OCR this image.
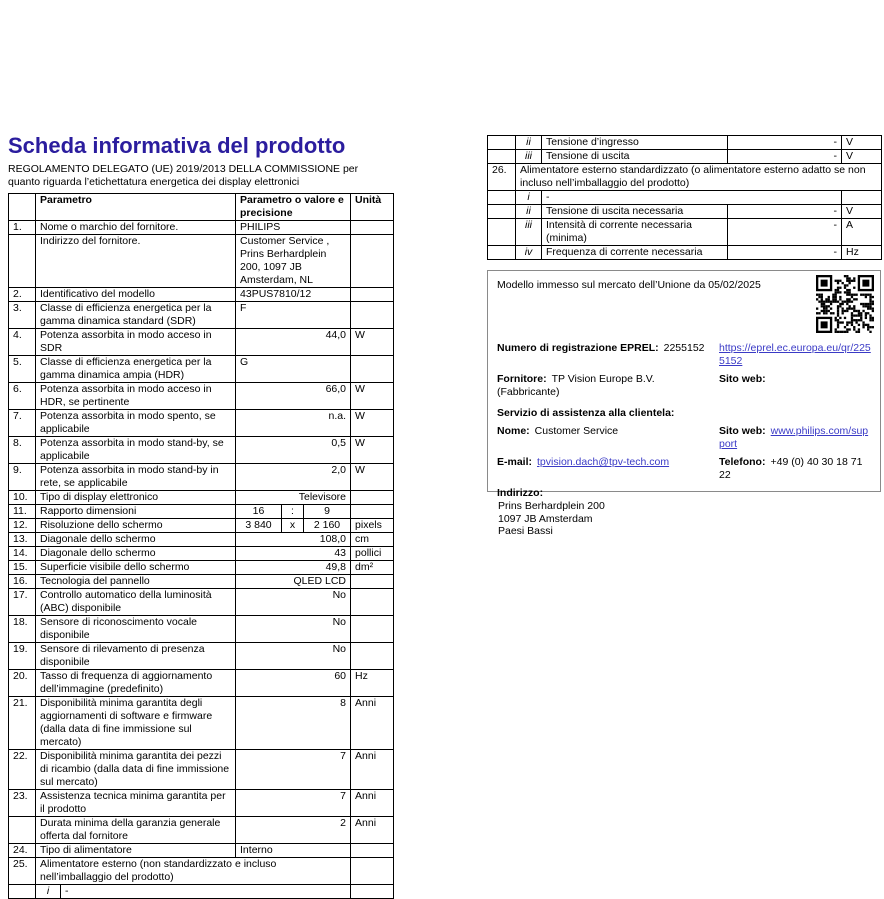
Scheda informativa del prodotto
REGOLAMENTO DELEGATO (UE) 2019/2013 DELLA COMMISSIONE per quanto riguarda l’etichettatura energetica dei display elettronici
	Parametro		Parametro o valore e precisione			Unità
1.	Nome o marchio del fornitore.		PHILIPS			
	Indirizzo del fornitore.		Customer Service , Prins Berhardplein 200, 1097 JB Amsterdam, NL			
2.	Identificativo del modello		43PUS7810/12			
3.	Classe di efficienza energetica per la gamma dinamica standard (SDR)		F			
4.	Potenza assorbita in modo acceso in SDR		44,0			W
5.	Classe di efficienza energetica per la gamma dinamica ampia (HDR)		G			
6.	Potenza assorbita in modo acceso in HDR, se pertinente		66,0			W
7.	Potenza assorbita in modo spento, se applicabile		n.a.			W
8.	Potenza assorbita in modo stand-by, se applicabile		0,5			W
9.	Potenza assorbita in modo stand-by in rete, se applicabile		2,0			W
10.	Tipo di display elettronico		Televisore			
11.	Rapporto dimensioni		16	:	9	
12.	Risoluzione dello schermo		3 840	x	2 160	pixels
13.	Diagonale dello schermo		108,0			cm
14.	Diagonale dello schermo		43			pollici
15.	Superficie visibile dello schermo		49,8			dm²
16.	Tecnologia del pannello		QLED LCD			
17.	Controllo automatico della luminosità (ABC) disponibile		No			
18.	Sensore di riconoscimento vocale disponibile		No			
19.	Sensore di rilevamento di presenza disponibile		No			
20.	Tasso di frequenza di aggiornamento dell’immagine (predefinito)		60			Hz
21.	Disponibilità minima garantita degli aggiornamenti di software e firmware (dalla data di fine immissione sul mercato)		8			Anni
22.	Disponibilità minima garantita dei pezzi di ricambio (dalla data di fine immissione sul mercato)		7			Anni
23.	Assistenza tecnica minima garantita per il prodotto		7			Anni
	Durata minima della garanzia generale offerta dal fornitore		2			Anni
24.	Tipo di alimentatore		Interno			
25.	Alimentatore esterno (non standardizzato e incluso nell’imballaggio del prodotto)					
	i	-				
	ii	Tensione d’ingresso	-	V
	iii	Tensione di uscita	-	V
26.	Alimentatore esterno standardizzato (o alimentatore esterno adatto se non incluso nell’imballaggio del prodotto)			
	i	-		
	ii	Tensione di uscita necessaria	-	V
	iii	Intensità di corrente necessaria (minima)	-	A
	iv	Frequenza di corrente necessaria	-	Hz
Modello immesso sul mercato dell’Unione da 05/02/2025
Numero di registrazione EPREL: 2255152	https://eprel.ec.europa.eu/qr/2255152
Fornitore: TP Vision Europe B.V. (Fabbricante)
Sito web:
Servizio di assistenza alla clientela:
Nome: Customer Service	Sito web: www.philips.com/support
E-mail: tpvision.dach@tpv-tech.com	Telefono: +49 (0) 40 30 18 71 22
Indirizzo:
Prins Berhardplein 200
1097 JB Amsterdam
Paesi Bassi
